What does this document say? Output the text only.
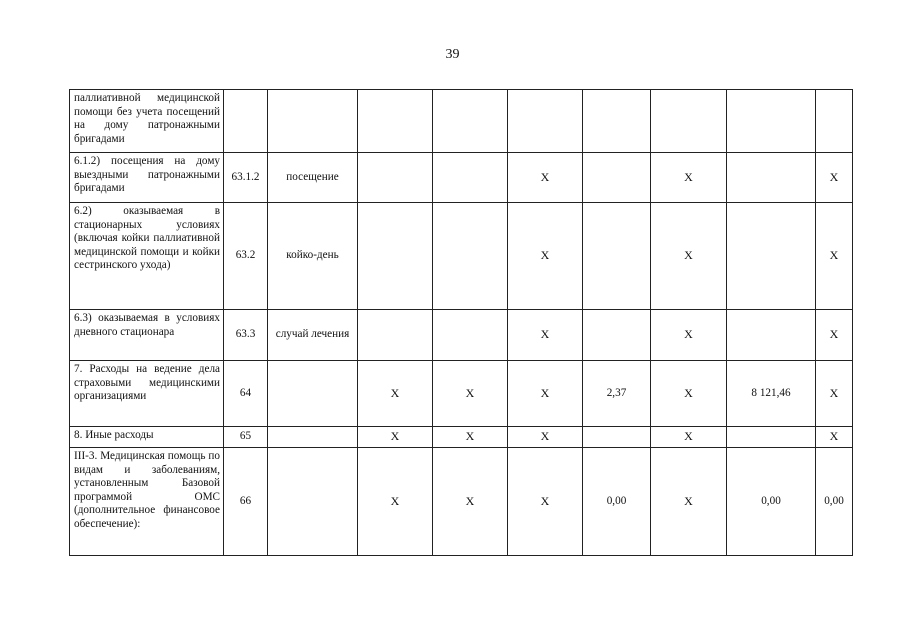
39
паллиативной медицинской помощи без учета посещений на дому патронажными бригадами									
6.1.2) посещения на дому выездными патронажными бригадами	63.1.2	посещение			X		X		X
6.2) оказываемая в стационарных условиях (включая койки паллиативной медицинской помощи и койки сестринского ухода)	63.2	койко-день			X		X		X
6.3) оказываемая в условиях дневного стационара	63.3	случай лечения			X		X		X
7. Расходы на ведение дела страховыми медицинскими организациями	64		X	X	X	2,37	X	8 121,46	X
8. Иные расходы	65		X	X	X		X		X
III-3. Медицинская помощь по видам и заболеваниям, установленным Базовой программой ОМС (дополнительное финансовое обеспечение):	66		X	X	X	0,00	X	0,00	0,00
